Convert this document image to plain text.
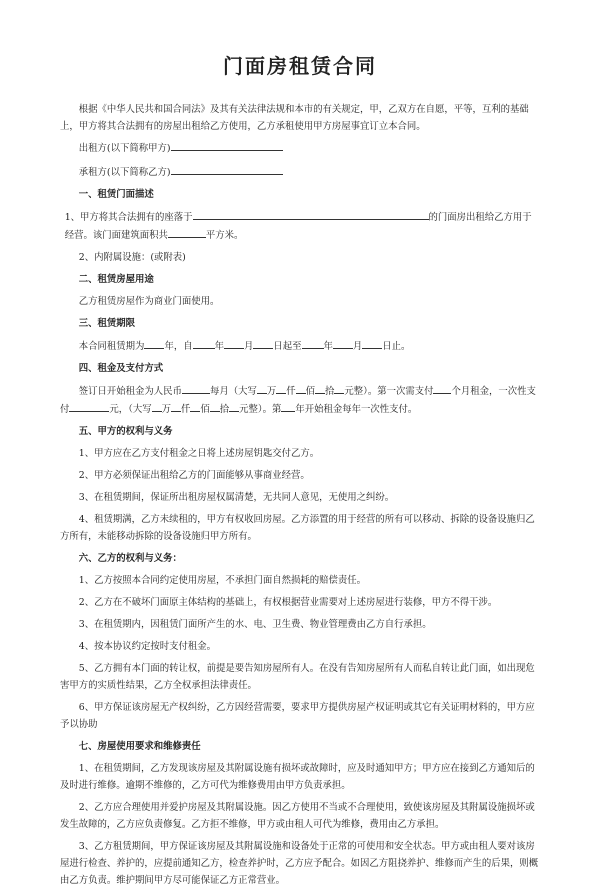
门面房租赁合同

根据《中华人民共和国合同法》及其有关法律法规和本市的有关规定，甲，乙双方在自愿，平等，互利的基础上，甲方将其合法拥有的房屋出租给乙方使用，乙方承租使用甲方房屋事宜订立本合同。

出租方(以下简称甲方)

承租方(以下简称乙方)

一、租赁门面描述

1、甲方将其合法拥有的座落于	的门面房出租给乙方用于经营。该门面建筑面积共	平方米。

2、内附属设施：(或附表)

二、租赁房屋用途

乙方租赁房屋作为商业门面使用。

三、租赁期限

本合同租赁期为 年，自 年 月 日起至 年 月 日止。

四、租金及支付方式

签订日开始租金为人民币	每月（大写 万 仟 佰 拾 元整）。第一次需支付 个月租金，一次性支付	元，（大写 万 仟 佰 拾 元整）。第 年开始租金每年一次性支付。

五、甲方的权利与义务

1、甲方应在乙方支付租金之日将上述房屋钥匙交付乙方。

2、甲方必须保证出租给乙方的门面能够从事商业经营。

3、在租赁期间，保证所出租房屋权属清楚，无共同人意见，无使用之纠纷。

4、租赁期满，乙方未续租的，甲方有权收回房屋。乙方添置的用于经营的所有可以移动、拆除的设备设施归乙方所有，未能移动拆除的设备设施归甲方所有。

六、乙方的权利与义务：

1、乙方按照本合同约定使用房屋，不承担门面自然损耗的赔偿责任。

2、乙方在不破坏门面原主体结构的基础上，有权根据营业需要对上述房屋进行装修，甲方不得干涉。

3、在租赁期内，因租赁门面所产生的水、电、卫生费、物业管理费由乙方自行承担。

4、按本协议约定按时支付租金。

5、乙方拥有本门面的转让权，前提是要告知房屋所有人。在没有告知房屋所有人而私自转让此门面，如出现危害甲方的实质性结果，乙方全权承担法律责任。

6、甲方保证该房屋无产权纠纷，乙方因经营需要，要求甲方提供房屋产权证明或其它有关证明材料的，甲方应予以协助

七、房屋使用要求和维修责任

1、在租赁期间，乙方发现该房屋及其附属设施有损坏或故障时，应及时通知甲方；甲方应在接到乙方通知后的及时进行维修。逾期不维修的，乙方可代为维修费用由甲方负责承担。

2、乙方应合理使用并爱护房屋及其附属设施。因乙方使用不当或不合理使用，致使该房屋及其附属设施损坏或发生故障的，乙方应负责修复。乙方拒不维修，甲方或由租人可代为维修，费用由乙方承担。

3、乙方租赁期间，甲方保证该房屋及其附属设施和设备处于正常的可使用和安全状态。甲方或由租人要对该房屋进行检查、养护的，应提前通知乙方，检查养护时，乙方应予配合。如因乙方阻挠养护、维修而产生的后果，则概由乙方负责。维护期间甲方尽可能保证乙方正常营业。
